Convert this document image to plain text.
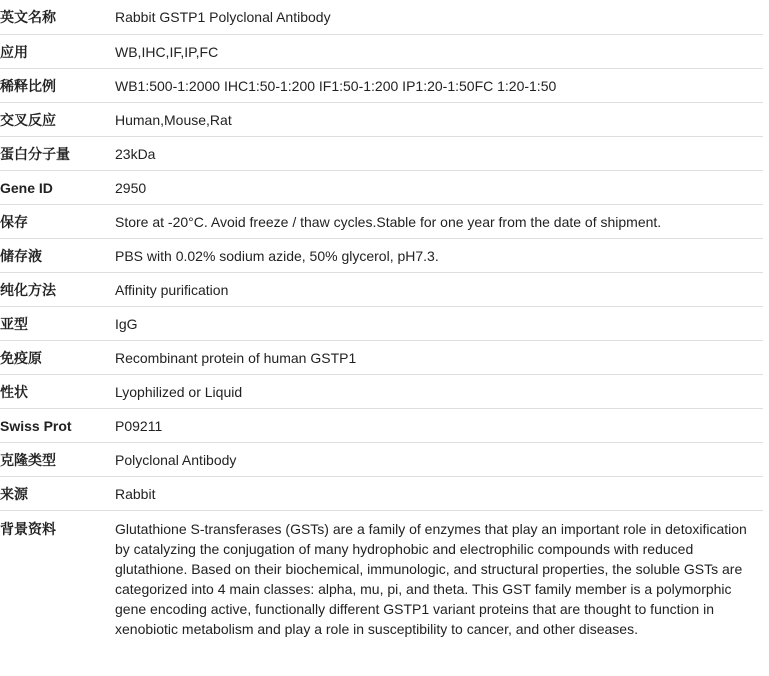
英文名称	Rabbit GSTP1 Polyclonal Antibody
应用	WB,IHC,IF,IP,FC
稀释比例	WB1:500-1:2000 IHC1:50-1:200 IF1:50-1:200 IP1:20-1:50FC 1:20-1:50
交叉反应	Human,Mouse,Rat
蛋白分子量	23kDa
Gene ID	2950
保存	Store at -20°C. Avoid freeze / thaw cycles.Stable for one year from the date of shipment.
储存液	PBS with 0.02% sodium azide, 50% glycerol, pH7.3.
纯化方法	Affinity purification
亚型	IgG
免疫原	Recombinant protein of human GSTP1
性状	Lyophilized or Liquid
Swiss Prot	P09211
克隆类型	Polyclonal Antibody
来源	Rabbit
背景资料	Glutathione S-transferases (GSTs) are a family of enzymes that play an important role in detoxification by catalyzing the conjugation of many hydrophobic and electrophilic compounds with reduced glutathione. Based on their biochemical, immunologic, and structural properties, the soluble GSTs are categorized into 4 main classes: alpha, mu, pi, and theta. This GST family member is a polymorphic gene encoding active, functionally different GSTP1 variant proteins that are thought to function in xenobiotic metabolism and play a role in susceptibility to cancer, and other diseases.
